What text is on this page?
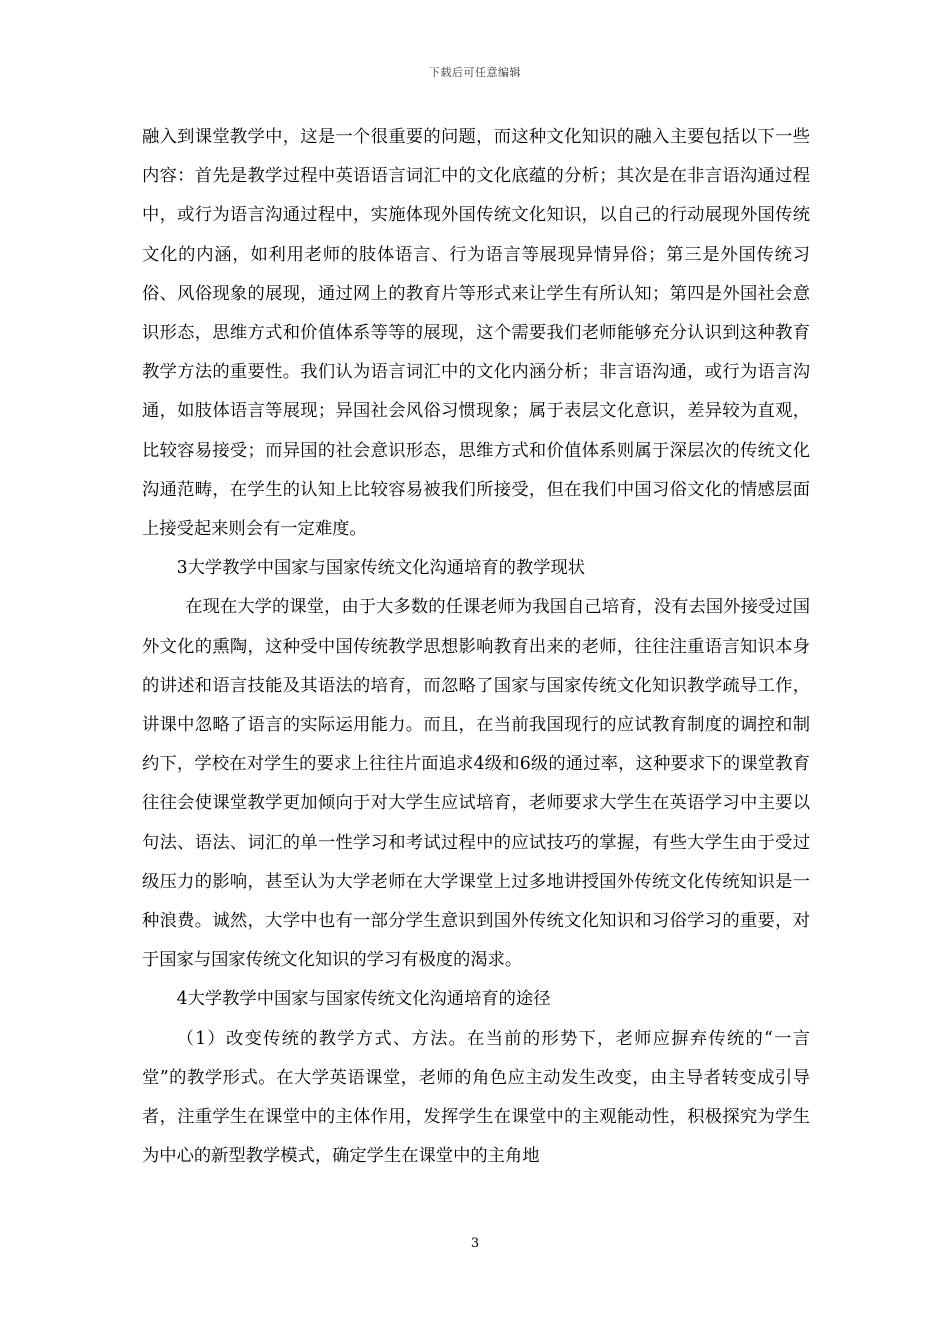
下载后可任意编辑

融入到课堂教学中，这是一个很重要的问题，而这种文化知识的融入主要包括以下一些内容：首先是教学过程中英语语言词汇中的文化底蕴的分析；其次是在非言语沟通过程中，或行为语言沟通过程中，实施体现外国传统文化知识，以自己的行动展现外国传统文化的内涵，如利用老师的肢体语言、行为语言等展现异情异俗；第三是外国传统习俗、风俗现象的展现，通过网上的教育片等形式来让学生有所认知；第四是外国社会意识形态，思维方式和价值体系等等的展现，这个需要我们老师能够充分认识到这种教育教学方法的重要性。我们认为语言词汇中的文化内涵分析；非言语沟通，或行为语言沟通，如肢体语言等展现；异国社会风俗习惯现象；属于表层文化意识，差异较为直观，比较容易接受；而异国的社会意识形态，思维方式和价值体系则属于深层次的传统文化沟通范畴，在学生的认知上比较容易被我们所接受，但在我们中国习俗文化的情感层面上接受起来则会有一定难度。

3大学教学中国家与国家传统文化沟通培育的教学现状

在现在大学的课堂，由于大多数的任课老师为我国自己培育，没有去国外接受过国外文化的熏陶，这种受中国传统教学思想影响教育出来的老师，往往注重语言知识本身的讲述和语言技能及其语法的培育，而忽略了国家与国家传统文化知识教学疏导工作，讲课中忽略了语言的实际运用能力。而且，在当前我国现行的应试教育制度的调控和制约下，学校在对学生的要求上往往片面追求4级和6级的通过率，这种要求下的课堂教育往往会使课堂教学更加倾向于对大学生应试培育，老师要求大学生在英语学习中主要以句法、语法、词汇的单一性学习和考试过程中的应试技巧的掌握，有些大学生由于受过级压力的影响，甚至认为大学老师在大学课堂上过多地讲授国外传统文化传统知识是一种浪费。诚然，大学中也有一部分学生意识到国外传统文化知识和习俗学习的重要，对于国家与国家传统文化知识的学习有极度的渴求。

4大学教学中国家与国家传统文化沟通培育的途径

（1）改变传统的教学方式、方法。在当前的形势下，老师应摒弃传统的“一言堂”的教学形式。在大学英语课堂，老师的角色应主动发生改变，由主导者转变成引导者，注重学生在课堂中的主体作用，发挥学生在课堂中的主观能动性，积极探究为学生为中心的新型教学模式，确定学生在课堂中的主角地

3
